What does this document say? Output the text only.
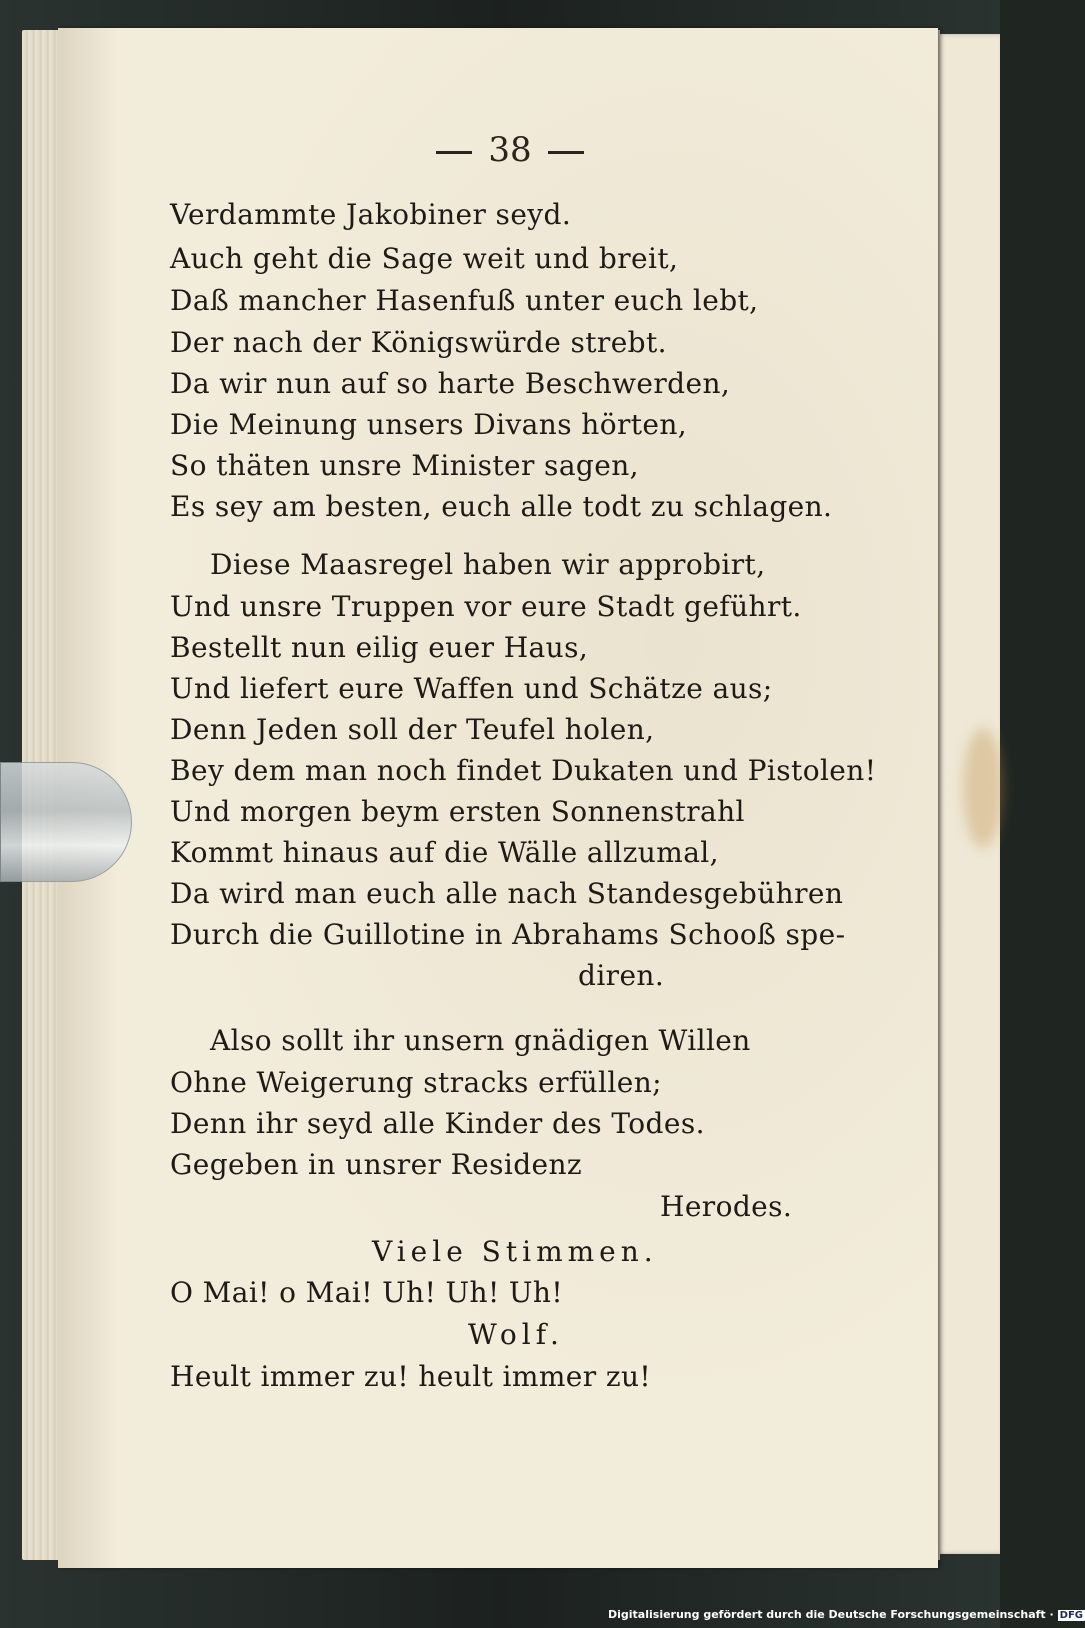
38
Verdammte Jakobiner seyd.
Auch geht die Sage weit und breit,
Daß mancher Hasenfuß unter euch lebt,
Der nach der Königswürde strebt.
Da wir nun auf so harte Beschwerden,
Die Meinung unsers Divans hörten,
So thäten unsre Minister sagen,
Es sey am besten, euch alle todt zu schlagen.
Diese Maasregel haben wir approbirt,
Und unsre Truppen vor eure Stadt geführt.
Bestellt nun eilig euer Haus,
Und liefert eure Waffen und Schätze aus;
Denn Jeden soll der Teufel holen,
Bey dem man noch findet Dukaten und Pistolen!
Und morgen beym ersten Sonnenstrahl
Kommt hinaus auf die Wälle allzumal,
Da wird man euch alle nach Standesgebühren
Durch die Guillotine in Abrahams Schooß spe-
diren.
Also sollt ihr unsern gnädigen Willen
Ohne Weigerung stracks erfüllen;
Denn ihr seyd alle Kinder des Todes.
Gegeben in unsrer Residenz
Herodes.
Viele Stimmen.
O Mai! o Mai! Uh! Uh! Uh!
Wolf.
Heult immer zu! heult immer zu!
Digitalisierung gefördert durch die Deutsche Forschungsgemeinschaft · DFG
